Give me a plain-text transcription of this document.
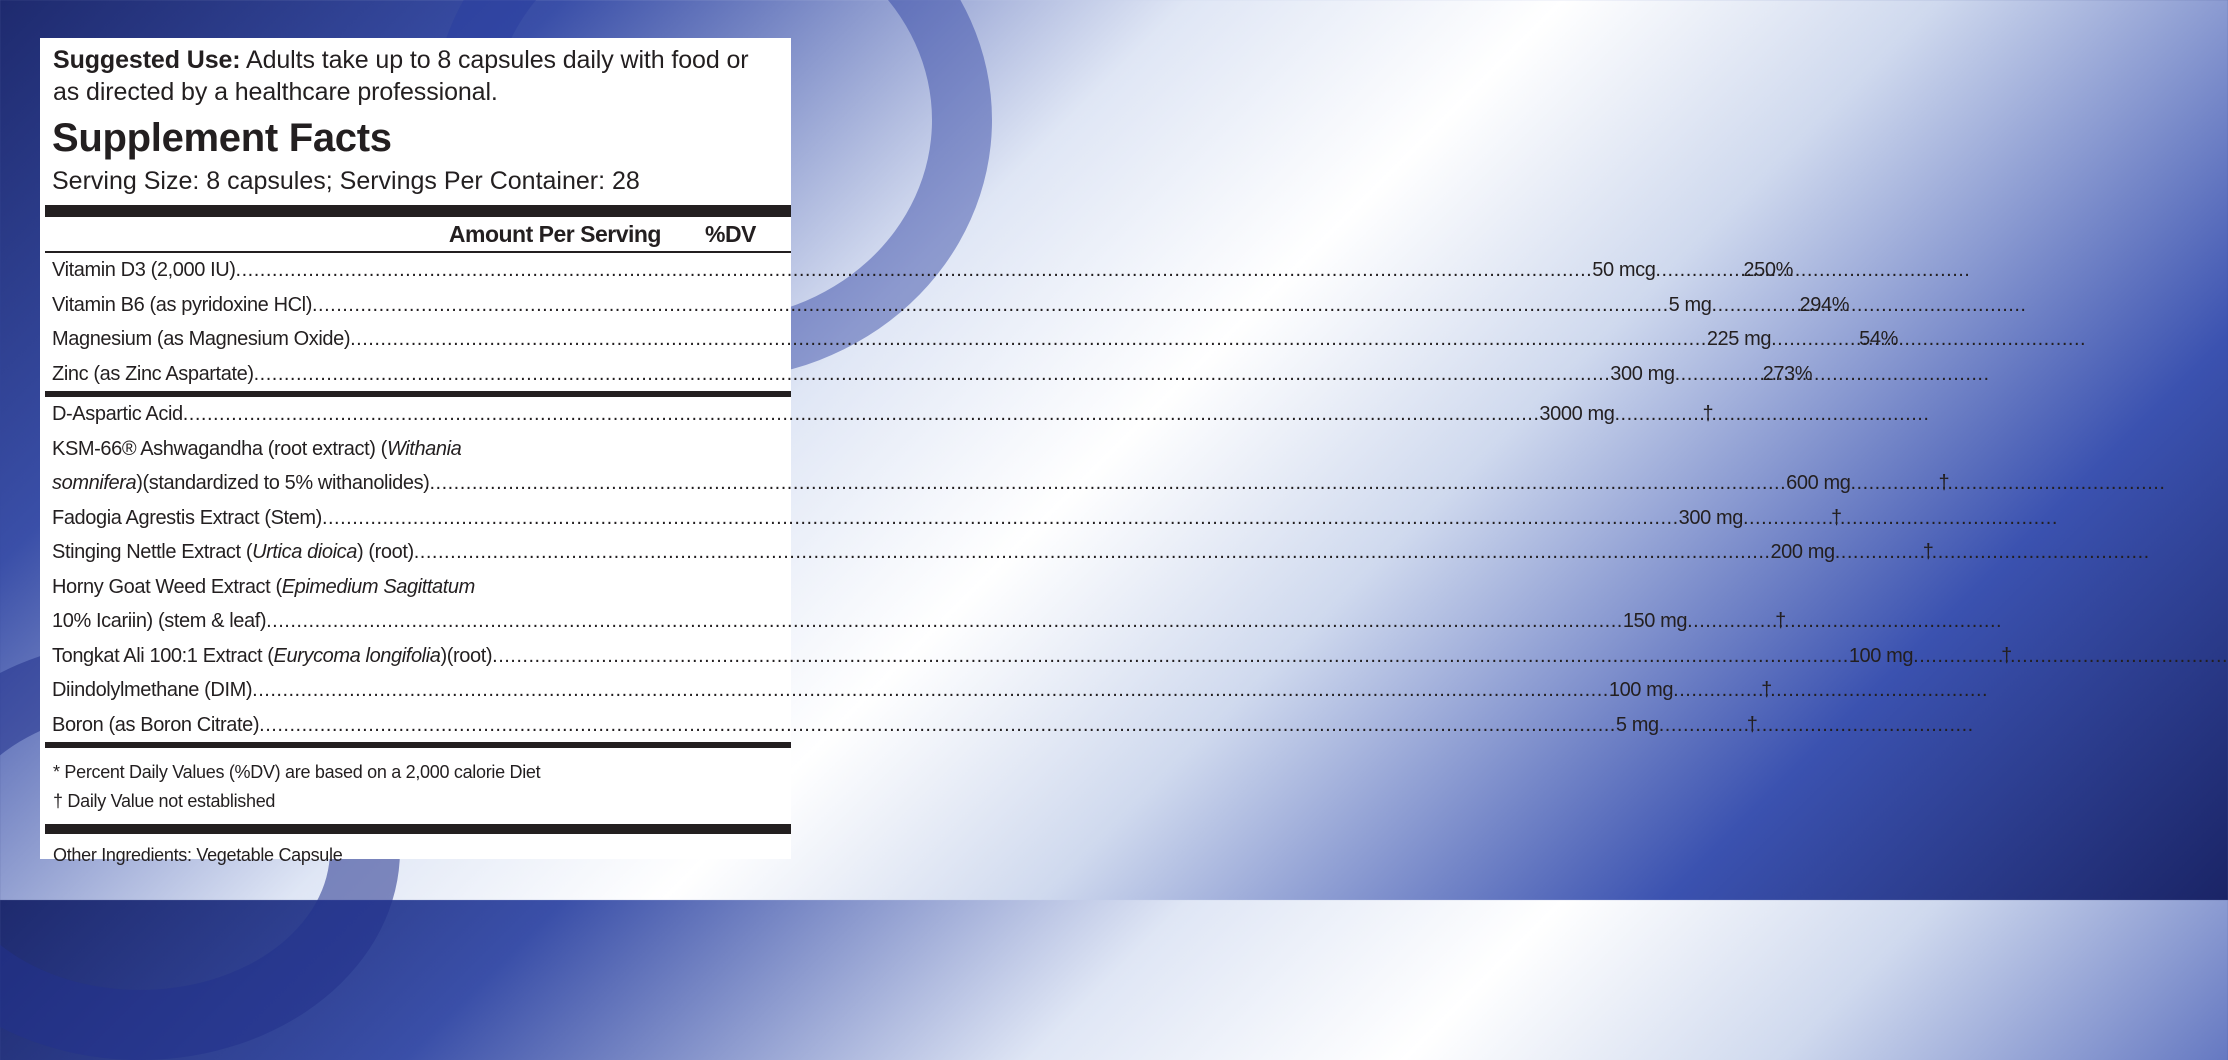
Suggested Use: Adults take up to 8 capsules daily with food or as directed by a healthcare professional.

Supplement Facts
Serving Size: 8 capsules; Servings Per Container: 28
Amount Per Serving %DV
Vitamin D3 (2,000 IU) .....	50 mcg .....	250%
Vitamin B6 (as pyridoxine HCl) .....	5 mg .....	294%
Magnesium (as Magnesium Oxide) .....	225 mg .....	54%
Zinc (as Zinc Aspartate) .....	300 mg .....	273%
D-Aspartic Acid .....	3000 mg .....	†
KSM-66® Ashwagandha (root extract) (Withania
somnifera)(standardized to 5% withanolides) .....	600 mg .....	†
Fadogia Agrestis Extract (Stem) .....	300 mg .....	†
Stinging Nettle Extract (Urtica dioica) (root) .....	200 mg .....	†
Horny Goat Weed Extract (Epimedium Sagittatum
10% Icariin) (stem & leaf) .....	150 mg .....	†
Tongkat Ali 100:1 Extract (Eurycoma longifolia)(root) .....	100 mg .....	†
Diindolylmethane (DIM) .....	100 mg .....	†
Boron (as Boron Citrate) .....	5 mg .....	†
* Percent Daily Values (%DV) are based on a 2,000 calorie Diet
† Daily Value not established
Other Ingredients: Vegetable Capsule
